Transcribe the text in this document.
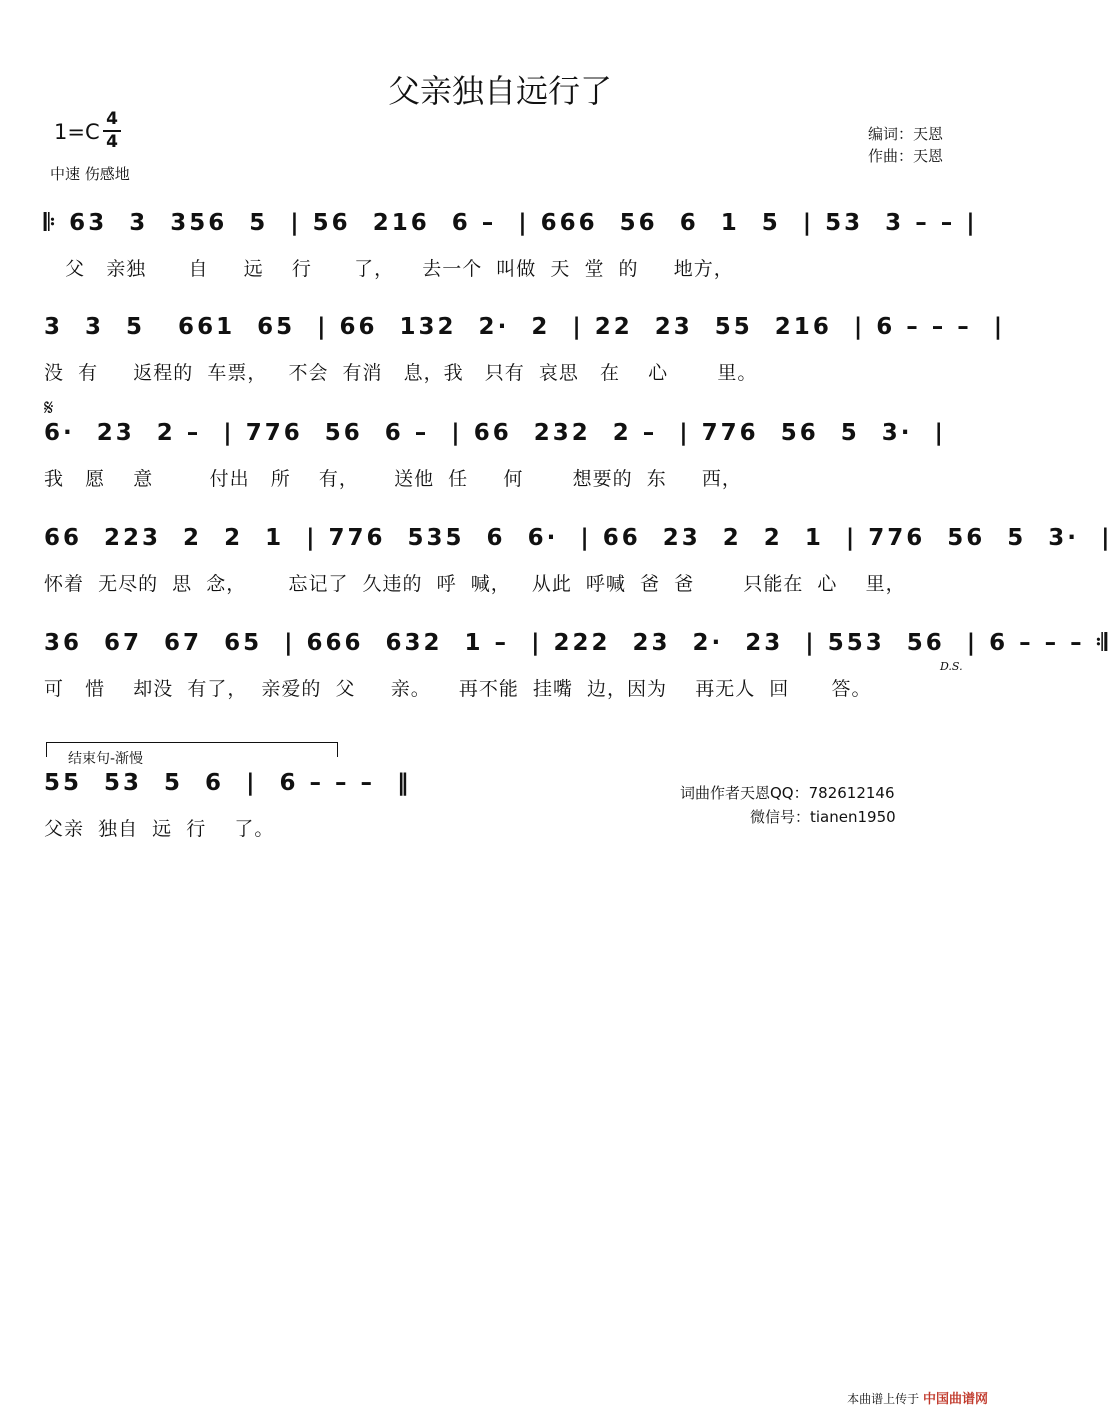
父亲独自远行了
1=C
4
4
中速 伤感地
编词：天恩
作曲：天恩
𝄆 63  3  356  5  | 56  216  6 –  | 666  56  6  1  5  | 53  3 – – |
父   亲独      自     远    行      了，    去一个  叫做  天  堂  的     地方，
3  3  5   661  65  | 66  132  2·  2  | 22  23  55  216  | 6 – – –  |
没  有     返程的  车票，   不会  有消   息，我   只有  哀思   在    心       里。
𝄋
6·  23  2 –  | 776  56  6 –  | 66  232  2 –  | 776  56  5  3·  |
我   愿    意        付出   所    有，     送他  任     何       想要的  东     西，
66  223  2  2  1  | 776  535  6  6·  | 66  23  2  2  1  | 776  56  5  3·  |
怀着  无尽的  思  念，      忘记了  久违的  呼  喊，   从此  呼喊  爸  爸       只能在  心    里，
36  67  67  65  | 666  632  1 –  | 222  23  2·  23  | 553  56  | 6 – – – 𝄇
可   惜    却没  有了，  亲爱的  父     亲。    再不能  挂嘴  边，因为    再无人  回      答。
D.S.
结束句-渐慢
55  53  5  6  |  6 – – –  ‖
父亲  独自  远  行    了。
词曲作者天恩QQ：782612146
微信号：tianen1950
本曲谱上传于 中国曲谱网
